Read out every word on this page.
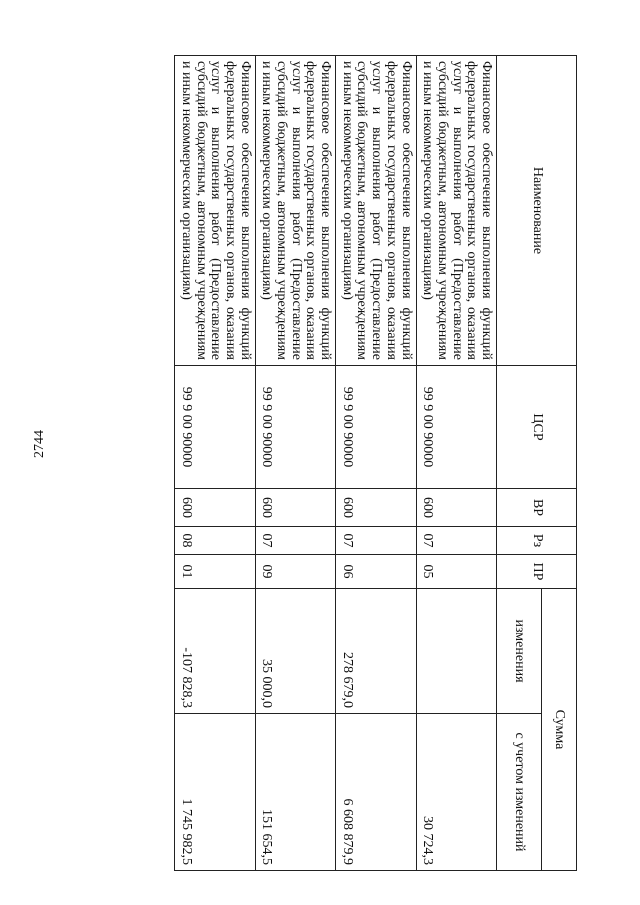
2744
Наименование	ЦСР	ВР	Рз	ПР	Сумма	
					изменения	с учетом изменений
Финансовое обеспечение выполнения функций федеральных государственных органов, оказания услуг и выполнения работ (Предоставление субсидий бюджетным, автономным учреждениям и иным некоммерческим организациям)	99 9 00 90000	600	07	05		30 724,3
Финансовое обеспечение выполнения функций федеральных государственных органов, оказания услуг и выполнения работ (Предоставление субсидий бюджетным, автономным учреждениям и иным некоммерческим организациям)	99 9 00 90000	600	07	06	278 679,0	6 608 879,9
Финансовое обеспечение выполнения функций федеральных государственных органов, оказания услуг и выполнения работ (Предоставление субсидий бюджетным, автономным учреждениям и иным некоммерческим организациям)	99 9 00 90000	600	07	09	35 000,0	151 654,5
Финансовое обеспечение выполнения функций федеральных государственных органов, оказания услуг и выполнения работ (Предоставление субсидий бюджетным, автономным учреждениям и иным некоммерческим организациям)	99 9 00 90000	600	08	01	-107 828,3	1 745 982,5
